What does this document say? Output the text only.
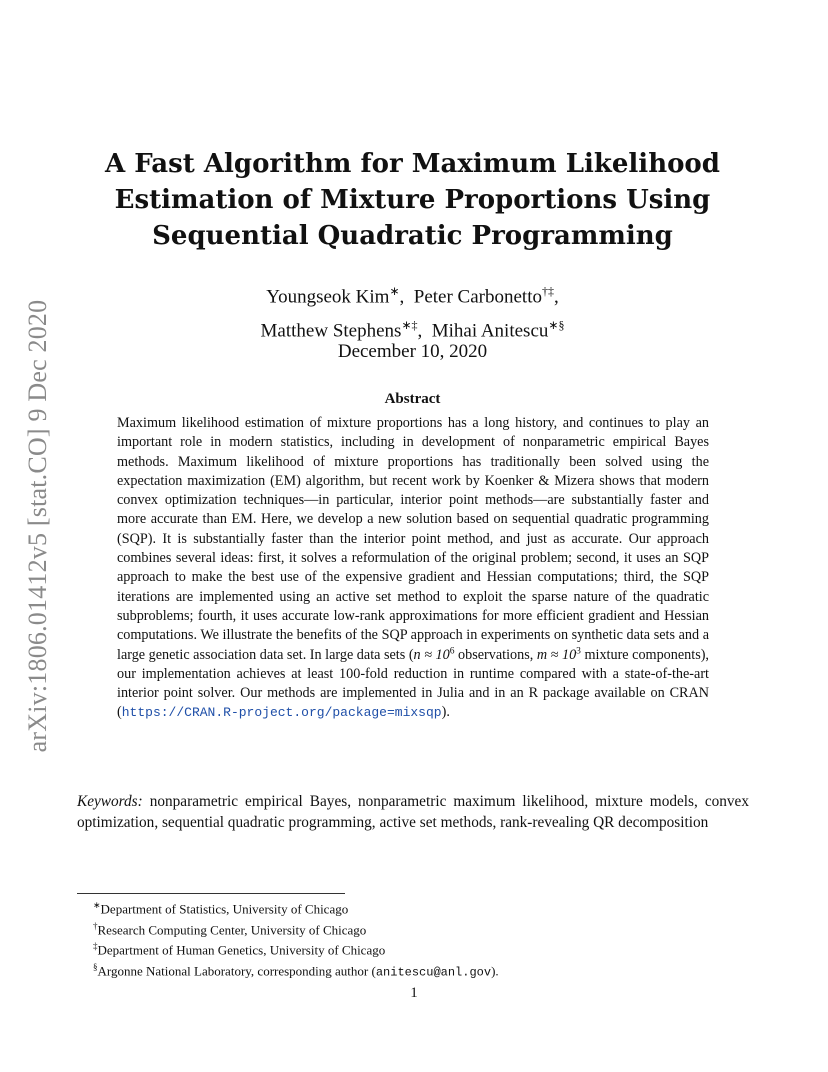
arXiv:1806.01412v5 [stat.CO] 9 Dec 2020
A Fast Algorithm for Maximum Likelihood
Estimation of Mixture Proportions Using
Sequential Quadratic Programming
Youngseok Kim∗,  Peter Carbonetto†‡,
Matthew Stephens∗‡,  Mihai Anitescu∗§
December 10, 2020
Abstract

Maximum likelihood estimation of mixture proportions has a long history, and continues to play an important role in modern statistics, including in development of nonparametric empirical Bayes methods. Maximum likelihood of mixture proportions has traditionally been solved using the expectation maximization (EM) algorithm, but recent work by Koenker & Mizera shows that modern convex optimization techniques—in particular, interior point methods—are substantially faster and more accurate than EM. Here, we develop a new solution based on sequential quadratic programming (SQP). It is substantially faster than the interior point method, and just as accurate. Our approach combines several ideas: first, it solves a reformulation of the original problem; second, it uses an SQP approach to make the best use of the expensive gradient and Hessian computations; third, the SQP iterations are implemented using an active set method to exploit the sparse nature of the quadratic subproblems; fourth, it uses accurate low-rank approximations for more efficient gradient and Hessian computations. We illustrate the benefits of the SQP approach in experiments on synthetic data sets and a large genetic association data set. In large data sets ($n \approx 10^6$ observations, $m \approx 10^3$ mixture components), our implementation achieves at least 100-fold reduction in runtime compared with a state-of-the-art interior point solver. Our methods are implemented in Julia and in an R package available on CRAN (https://CRAN.R-project.org/package=mixsqp).

Keywords: nonparametric empirical Bayes, nonparametric maximum likelihood, mixture models, convex optimization, sequential quadratic programming, active set methods, rank-revealing QR decomposition

∗Department of Statistics, University of Chicago
†Research Computing Center, University of Chicago
‡Department of Human Genetics, University of Chicago
§Argonne National Laboratory, corresponding author (anitescu@anl.gov).
1
